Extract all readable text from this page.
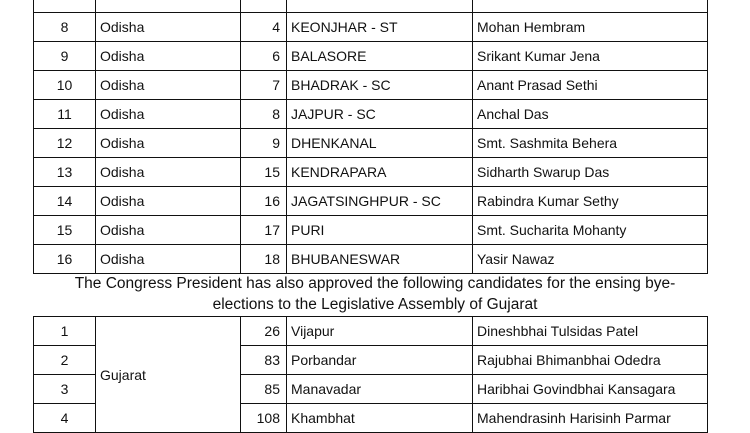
8	Odisha	4	KEONJHAR - ST	Mohan Hembram
9	Odisha	6	BALASORE	Srikant Kumar Jena
10	Odisha	7	BHADRAK - SC	Anant Prasad Sethi
11	Odisha	8	JAJPUR - SC	Anchal Das
12	Odisha	9	DHENKANAL	Smt. Sashmita Behera
13	Odisha	15	KENDRAPARA	Sidharth Swarup Das
14	Odisha	16	JAGATSINGHPUR - SC	Rabindra Kumar Sethy
15	Odisha	17	PURI	Smt. Sucharita Mohanty
16	Odisha	18	BHUBANESWAR	Yasir Nawaz
The Congress President has also approved the following candidates for the ensing bye-
elections to the Legislative Assembly of Gujarat
1	Gujarat	26	Vijapur	Dineshbhai Tulsidas Patel
2		83	Porbandar	Rajubhai Bhimanbhai Odedra
3		85	Manavadar	Haribhai Govindbhai Kansagara
4		108	Khambhat	Mahendrasinh Harisinh Parmar
